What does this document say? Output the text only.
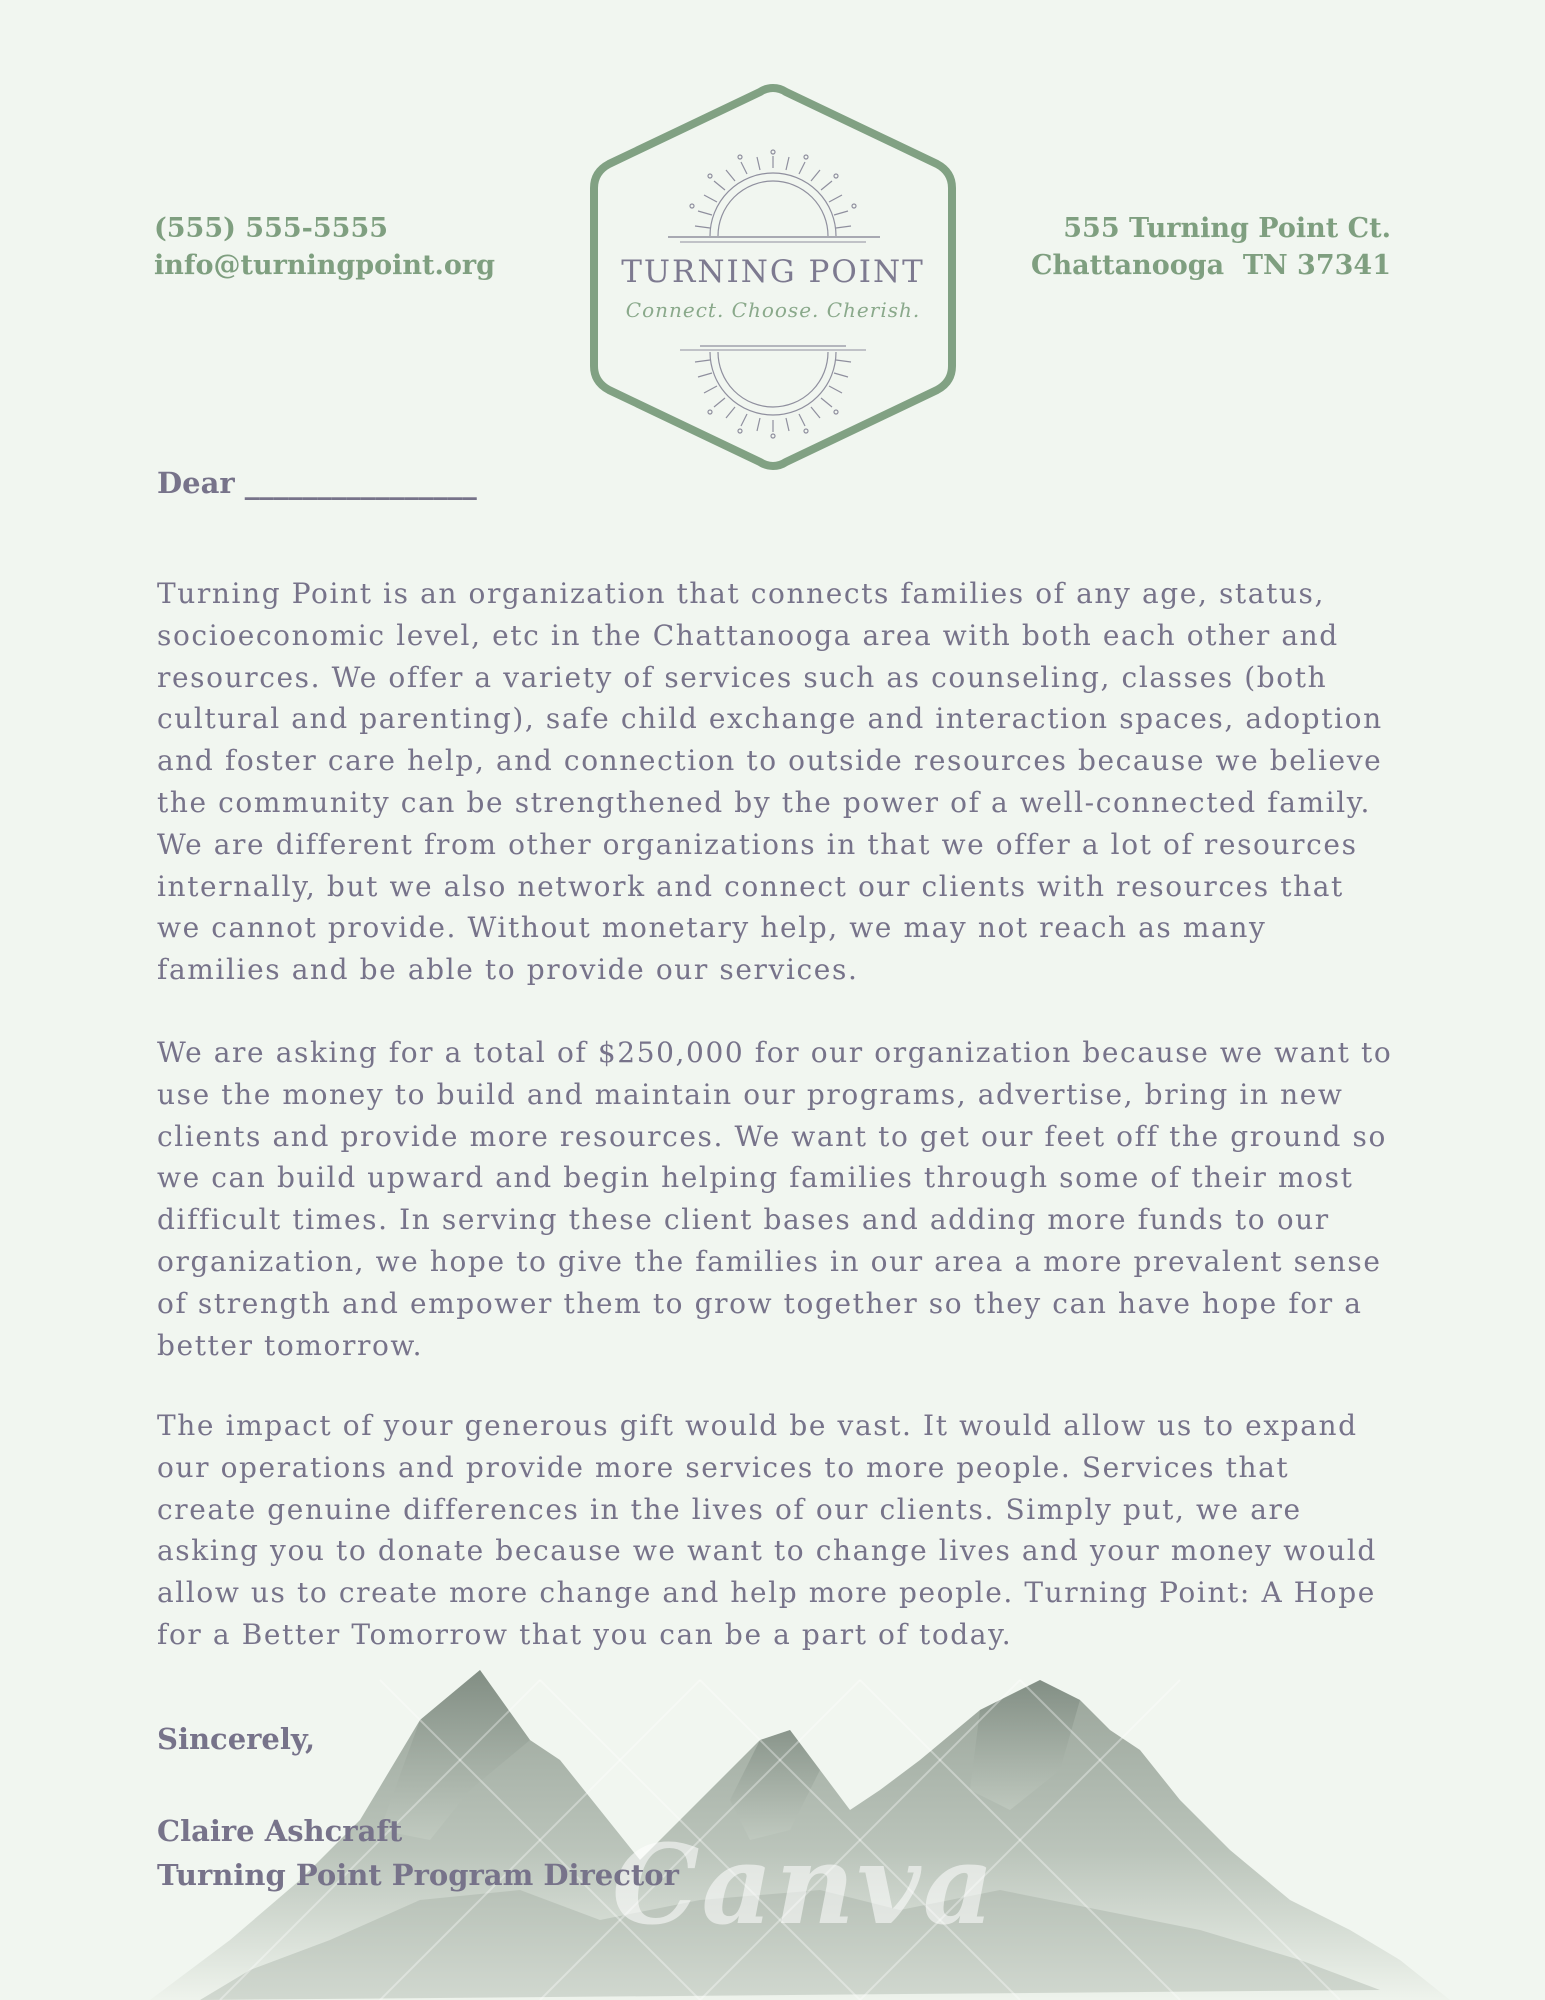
(555) 555-5555
info@turningpoint.org
555 Turning Point Ct.
Chattanooga  TN 37341
TURNING POINT
Connect. Choose. Cherish.
Dear ________________

Turning Point is an organization that connects families of any age, status, socioeconomic level, etc in the Chattanooga area with both each other and resources. We offer a variety of services such as counseling, classes (both cultural and parenting), safe child exchange and interaction spaces, adoption and foster care help, and connection to outside resources because we believe the community can be strengthened by the power of a well-connected family. We are different from other organizations in that we offer a lot of resources internally, but we also network and connect our clients with resources that we cannot provide. Without monetary help, we may not reach as many families and be able to provide our services.

We are asking for a total of $250,000 for our organization because we want to use the money to build and maintain our programs, advertise, bring in new clients and provide more resources. We want to get our feet off the ground so we can build upward and begin helping families through some of their most difficult times. In serving these client bases and adding more funds to our organization, we hope to give the families in our area a more prevalent sense of strength and empower them to grow together so they can have hope for a better tomorrow.

The impact of your generous gift would be vast. It would allow us to expand our operations and provide more services to more people. Services that create genuine differences in the lives of our clients. Simply put, we are asking you to donate because we want to change lives and your money would allow us to create more change and help more people. Turning Point: A Hope for a Better Tomorrow that you can be a part of today.

Canva
Sincerely,
Claire Ashcraft
Turning Point Program Director
